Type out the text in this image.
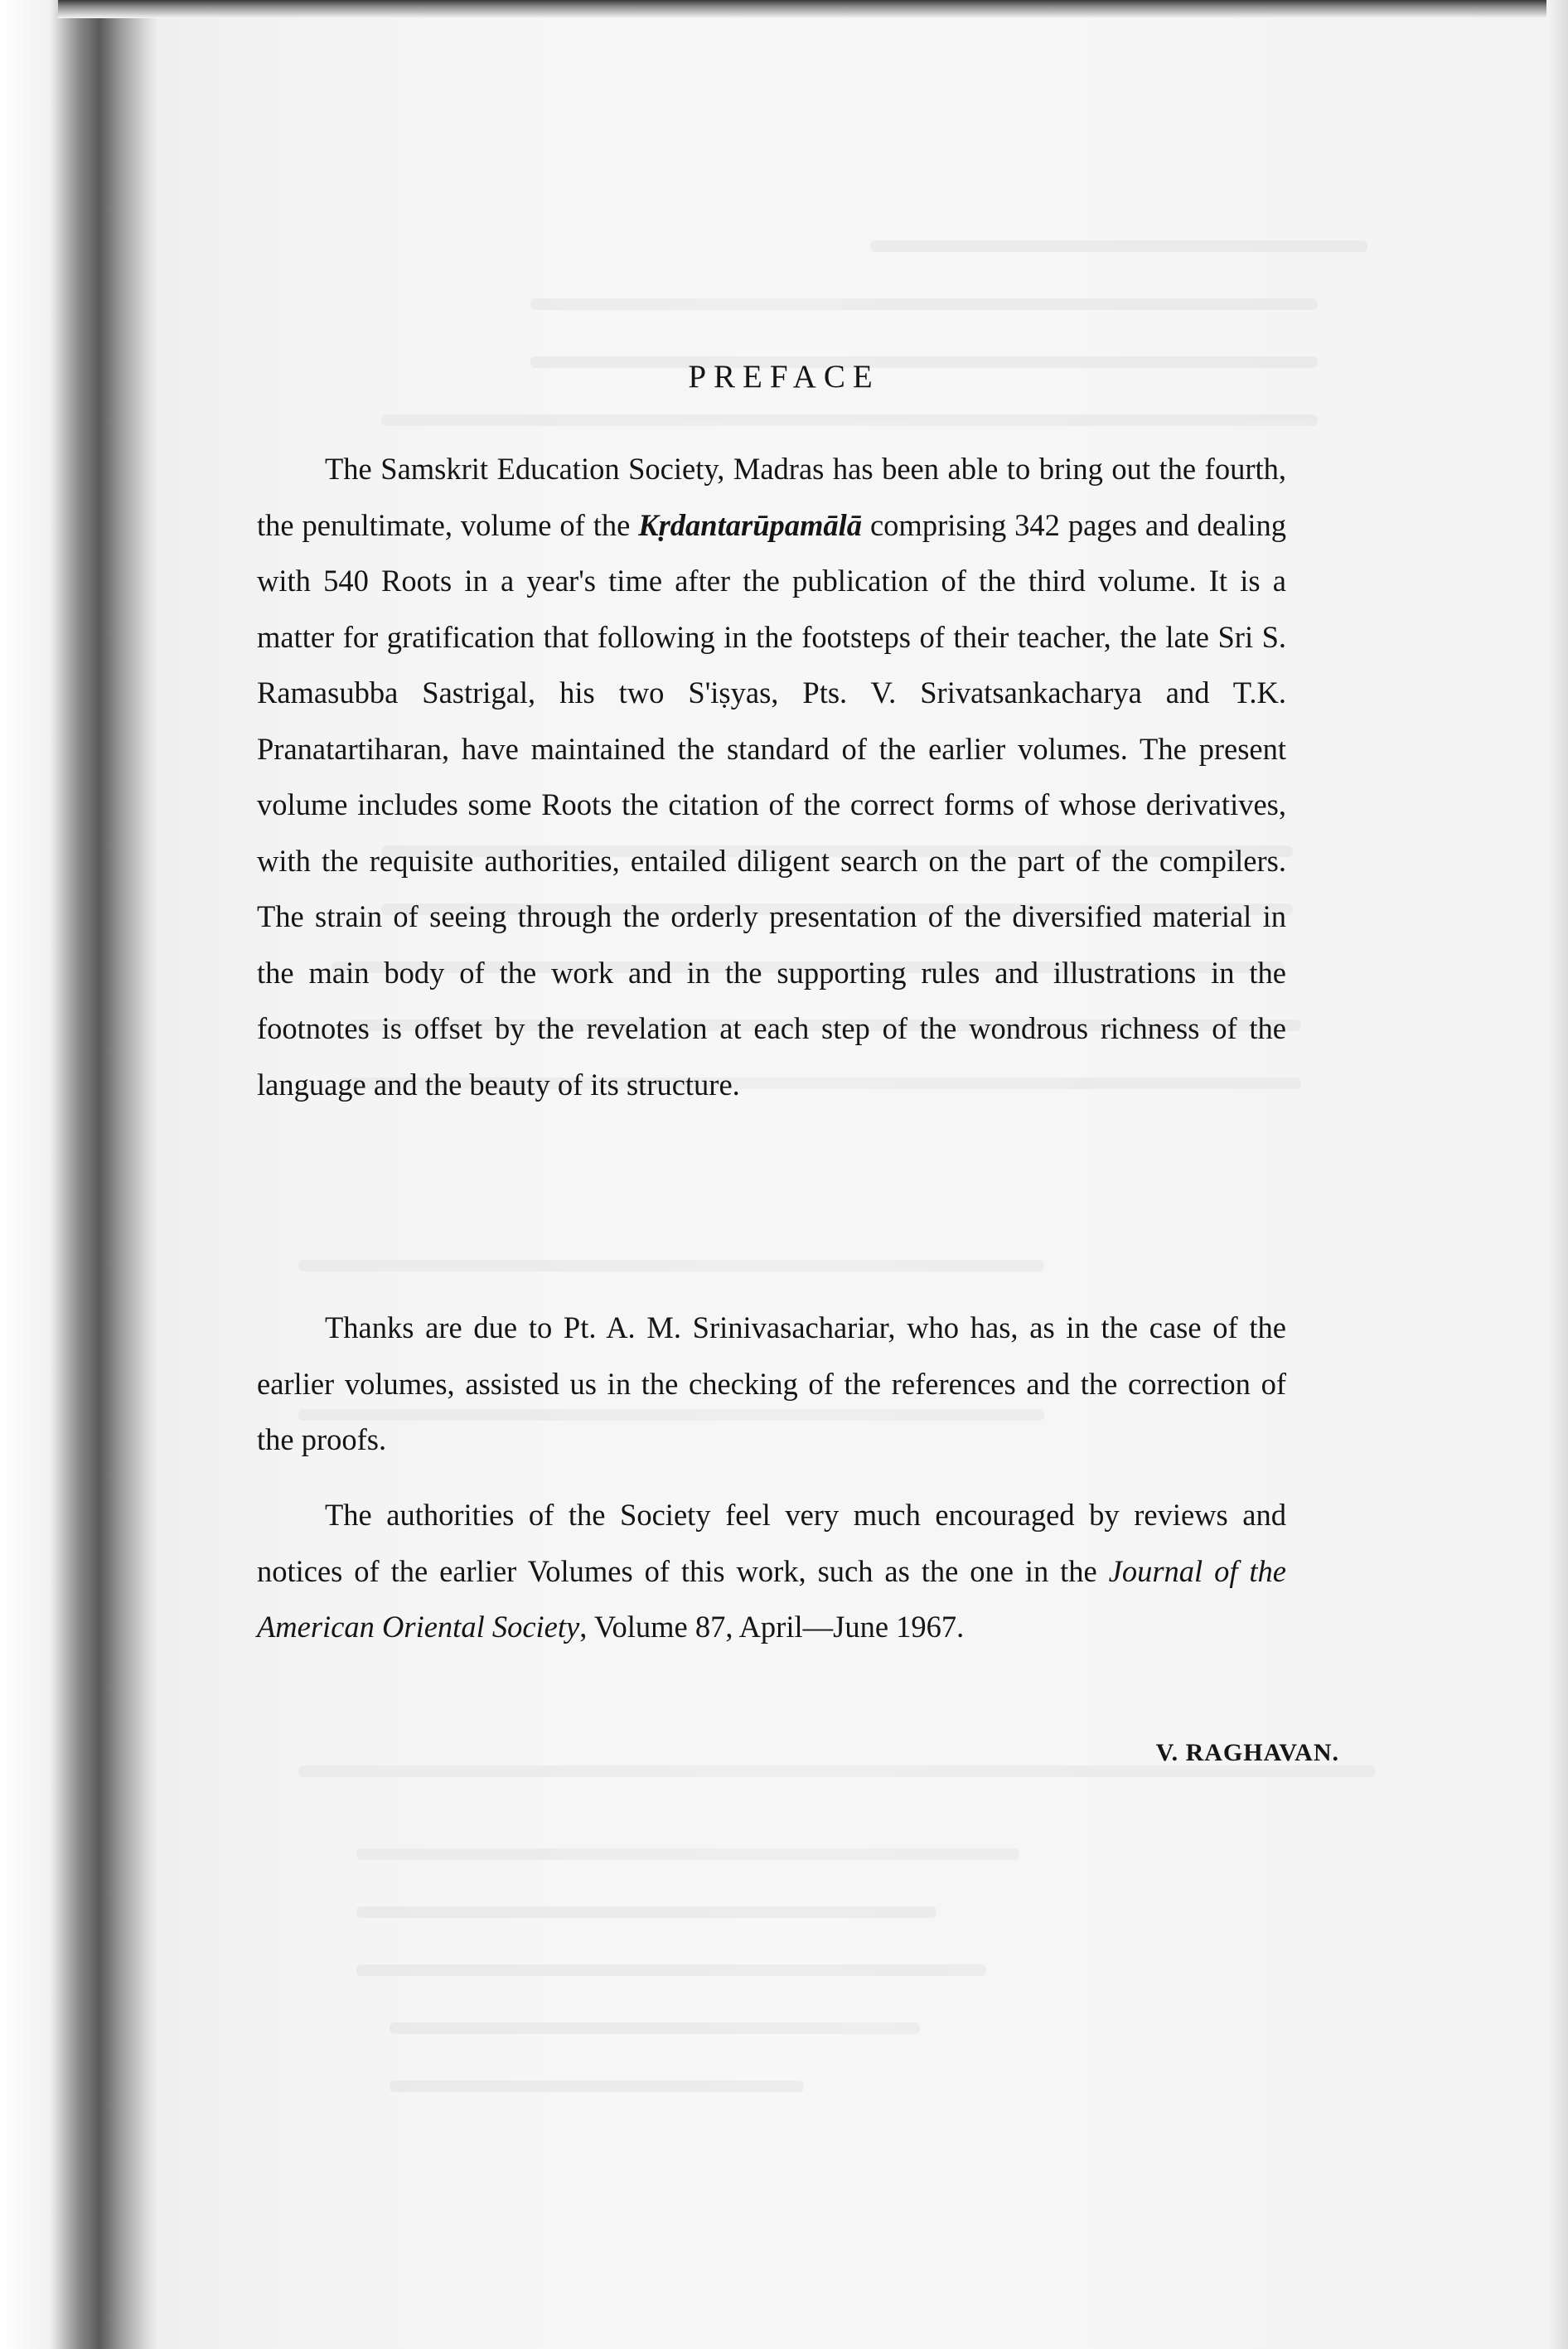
PREFACE

The Samskrit Education Society, Madras has been able to bring out the fourth, the penultimate, volume of the Kṛdantarūpamālā comprising 342 pages and dealing with 540 Roots in a year's time after the publication of the third volume. It is a matter for gratification that following in the footsteps of their teacher, the late Sri S. Ramasubba Sastrigal, his two S'iṣyas, Pts. V. Srivatsankacharya and T.K. Pranatartiharan, have maintained the standard of the earlier volumes. The present volume includes some Roots the citation of the correct forms of whose derivatives, with the requisite authorities, entailed diligent search on the part of the compilers. The strain of seeing through the orderly presentation of the diversified material in the main body of the work and in the supporting rules and illustrations in the footnotes is offset by the revelation at each step of the wondrous richness of the language and the beauty of its structure.

Thanks are due to Pt. A. M. Srinivasachariar, who has, as in the case of the earlier volumes, assisted us in the checking of the references and the correction of the proofs.

The authorities of the Society feel very much encouraged by reviews and notices of the earlier Volumes of this work, such as the one in the Journal of the American Oriental Society, Volume 87, April—June 1967.

V. RAGHAVAN.
